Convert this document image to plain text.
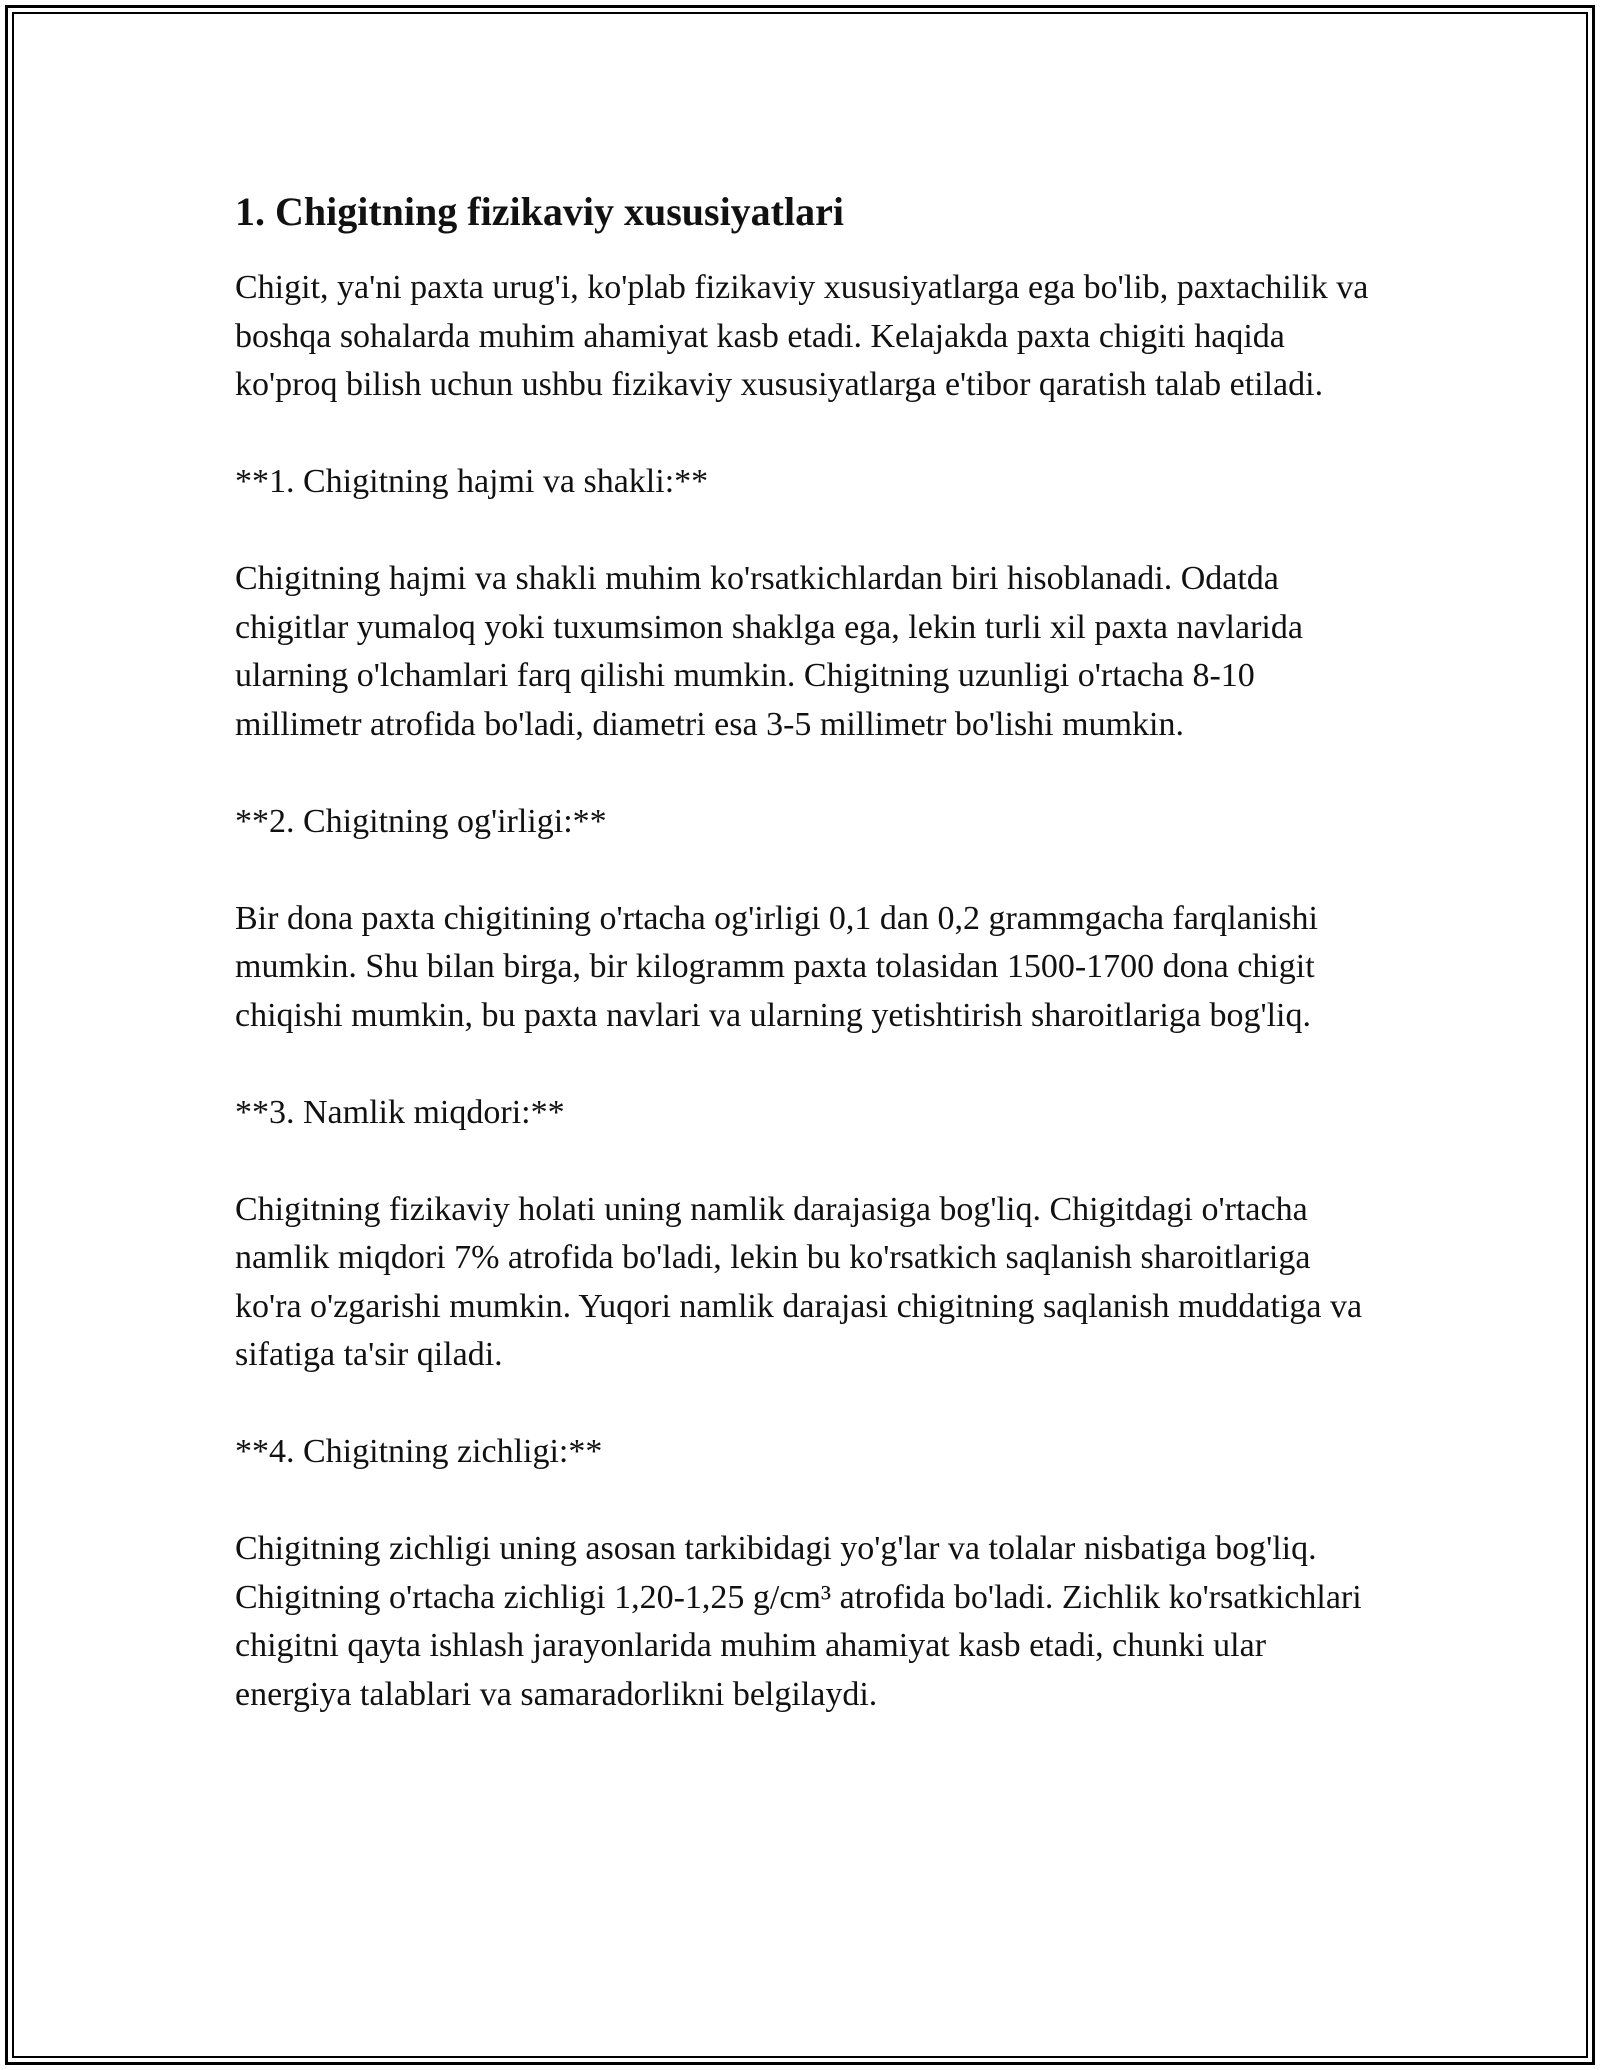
1. Chigitning fizikaviy xususiyatlari

Chigit, ya'ni paxta urug'i, ko'plab fizikaviy xususiyatlarga ega bo'lib, paxtachilik va boshqa sohalarda muhim ahamiyat kasb etadi. Kelajakda paxta chigiti haqida ko'proq bilish uchun ushbu fizikaviy xususiyatlarga e'tibor qaratish talab etiladi.

**1. Chigitning hajmi va shakli:**

Chigitning hajmi va shakli muhim ko'rsatkichlardan biri hisoblanadi. Odatda chigitlar yumaloq yoki tuxumsimon shaklga ega, lekin turli xil paxta navlarida ularning o'lchamlari farq qilishi mumkin. Chigitning uzunligi o'rtacha 8-10 millimetr atrofida bo'ladi, diametri esa 3-5 millimetr bo'lishi mumkin.

**2. Chigitning og'irligi:**

Bir dona paxta chigitining o'rtacha og'irligi 0,1 dan 0,2 grammgacha farqlanishi mumkin. Shu bilan birga, bir kilogramm paxta tolasidan 1500-1700 dona chigit chiqishi mumkin, bu paxta navlari va ularning yetishtirish sharoitlariga bog'liq.

**3. Namlik miqdori:**

Chigitning fizikaviy holati uning namlik darajasiga bog'liq. Chigitdagi o'rtacha namlik miqdori 7% atrofida bo'ladi, lekin bu ko'rsatkich saqlanish sharoitlariga ko'ra o'zgarishi mumkin. Yuqori namlik darajasi chigitning saqlanish muddatiga va sifatiga ta'sir qiladi.

**4. Chigitning zichligi:**

Chigitning zichligi uning asosan tarkibidagi yo'g'lar va tolalar nisbatiga bog'liq. Chigitning o'rtacha zichligi 1,20-1,25 g/cm³ atrofida bo'ladi. Zichlik ko'rsatkichlari chigitni qayta ishlash jarayonlarida muhim ahamiyat kasb etadi, chunki ular energiya talablari va samaradorlikni belgilaydi.
